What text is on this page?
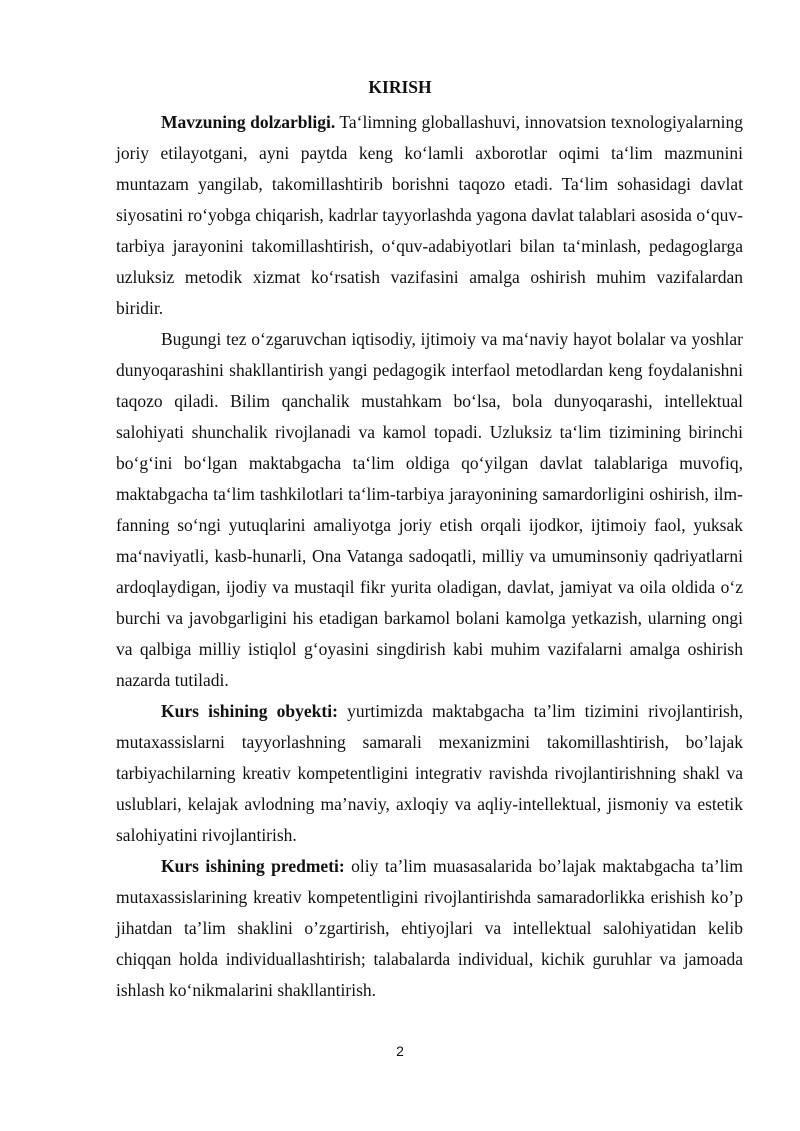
KIRISH

Mavzuning dolzarbligi. Ta‘limning globallashuvi, innovatsion texnologiyalarning joriy etilayotgani, ayni paytda keng ko‘lamli axborotlar oqimi ta‘lim mazmunini muntazam yangilab, takomillashtirib borishni taqozo etadi. Ta‘lim sohasidagi davlat siyosatini ro‘yobga chiqarish, kadrlar tayyorlashda yagona davlat talablari asosida o‘quv-tarbiya jarayonini takomillashtirish, o‘quv-adabiyotlari bilan ta‘minlash, pedagoglarga uzluksiz metodik xizmat ko‘rsatish vazifasini amalga oshirish muhim vazifalardan biridir.

Bugungi tez o‘zgaruvchan iqtisodiy, ijtimoiy va ma‘naviy hayot bolalar va yoshlar dunyoqarashini shakllantirish yangi pedagogik interfaol metodlardan keng foydalanishni taqozo qiladi. Bilim qanchalik mustahkam bo‘lsa, bola dunyoqarashi, intellektual salohiyati shunchalik rivojlanadi va kamol topadi. Uzluksiz ta‘lim tizimining birinchi bo‘g‘ini bo‘lgan maktabgacha ta‘lim oldiga qo‘yilgan davlat talablariga muvofiq, maktabgacha ta‘lim tashkilotlari ta‘lim-tarbiya jarayonining samardorligini oshirish, ilm-fanning so‘ngi yutuqlarini amaliyotga joriy etish orqali ijodkor, ijtimoiy faol, yuksak ma‘naviyatli, kasb-hunarli, Ona Vatanga sadoqatli, milliy va umuminsoniy qadriyatlarni ardoqlaydigan, ijodiy va mustaqil fikr yurita oladigan, davlat, jamiyat va oila oldida o‘z burchi va javobgarligini his etadigan barkamol bolani kamolga yetkazish, ularning ongi va qalbiga milliy istiqlol g‘oyasini singdirish kabi muhim vazifalarni amalga oshirish nazarda tutiladi.

Kurs ishining obyekti: yurtimizda maktabgacha ta’lim tizimini rivojlantirish, mutaxassislarni tayyorlashning samarali mexanizmini takomillashtirish, bo’lajak tarbiyachilarning kreativ kompetentligini integrativ ravishda rivojlantirishning shakl va uslublari, kelajak avlodning ma’naviy, axloqiy va aqliy-intellektual, jismoniy va estetik salohiyatini rivojlantirish.

Kurs ishining predmeti: oliy ta’lim muasasalarida bo’lajak maktabgacha ta’lim mutaxassislarining kreativ kompetentligini rivojlantirishda samaradorlikka erishish ko’p jihatdan ta’lim shaklini o’zgartirish, ehtiyojlari va intellektual salohiyatidan kelib chiqqan holda individuallashtirish; talabalarda individual, kichik guruhlar va jamoada ishlash ko‘nikmalarini shakllantirish.

2
